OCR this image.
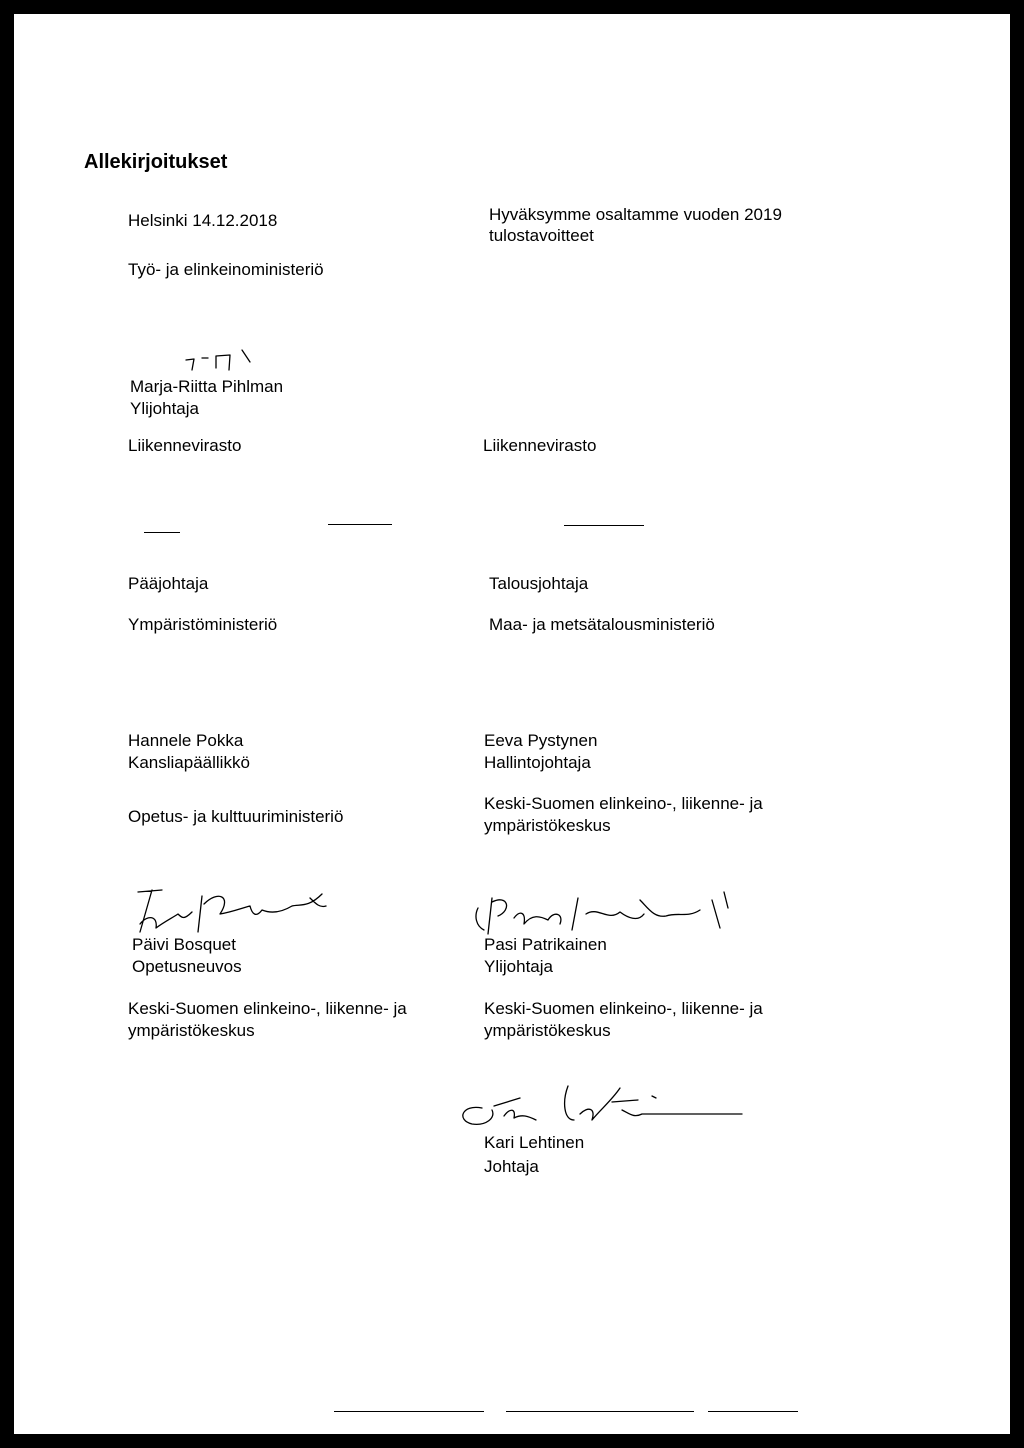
Allekirjoitukset
Helsinki 14.12.2018
Työ- ja elinkeinoministeriö
Hyväksymme osaltamme vuoden 2019 tulostavoitteet
Marja-Riitta Pihlman
Ylijohtaja
Liikennevirasto	Liikennevirasto
Pääjohtaja
Ympäristöministeriö
Talousjohtaja
Maa- ja metsätalousministeriö
Hannele Pokka
Kansliapäällikkö
Opetus- ja kulttuuriministeriö
Eeva Pystynen
Hallintojohtaja
Keski-Suomen elinkeino-, liikenne- ja
ympäristökeskus
Päivi Bosquet
Opetusneuvos
Keski-Suomen elinkeino-, liikenne- ja
ympäristökeskus
Pasi Patrikainen
Ylijohtaja
Keski-Suomen elinkeino-, liikenne- ja
ympäristökeskus
Kari Lehtinen
Johtaja
